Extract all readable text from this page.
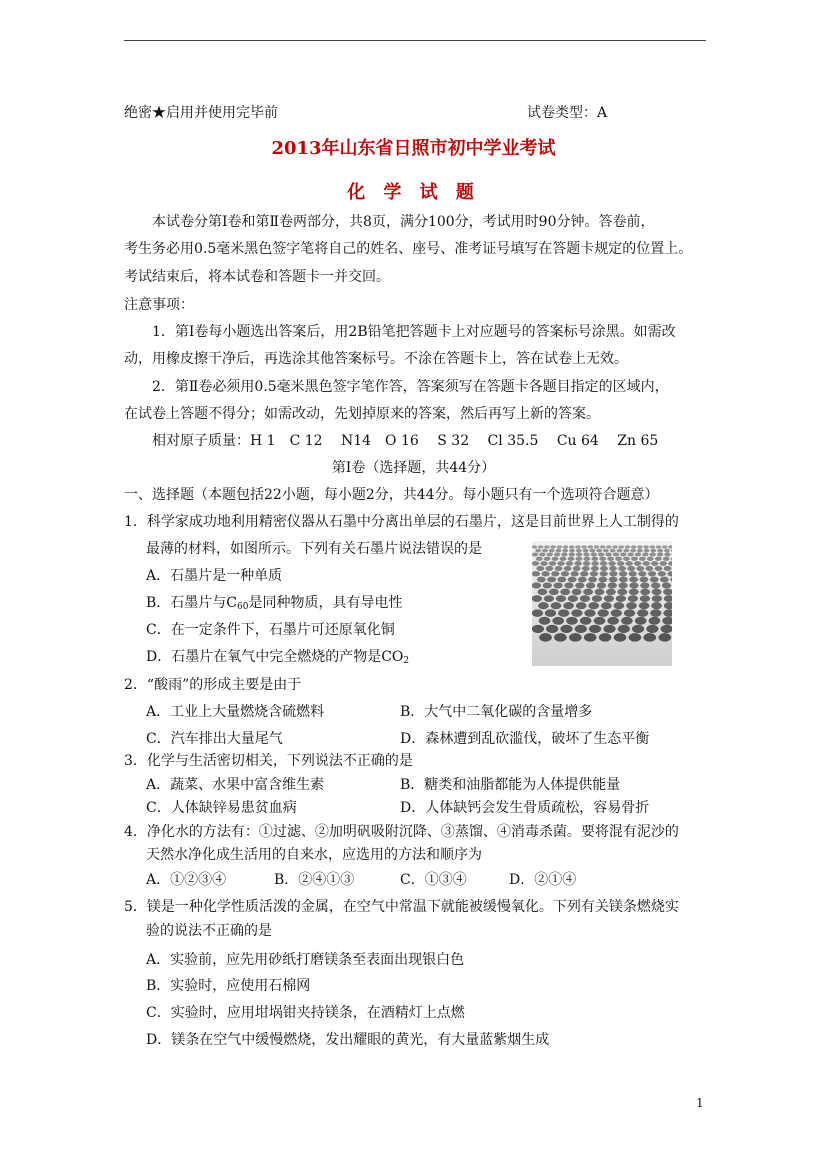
绝密★启用并使用完毕前	试卷类型：A
2013年山东省日照市初中学业考试
化 学 试 题
本试卷分第Ⅰ卷和第Ⅱ卷两部分，共8页，满分100分，考试用时90分钟。答卷前，
考生务必用0.5毫米黑色签字笔将自己的姓名、座号、准考证号填写在答题卡规定的位置上。
考试结束后，将本试卷和答题卡一并交回。
注意事项：
1．第Ⅰ卷每小题选出答案后，用2B铅笔把答题卡上对应题号的答案标号涂黑。如需改
动，用橡皮擦干净后，再选涂其他答案标号。不涂在答题卡上，答在试卷上无效。
2．第Ⅱ卷必须用0.5毫米黑色签字笔作答，答案须写在答题卡各题目指定的区域内，
在试卷上答题不得分；如需改动，先划掉原来的答案，然后再写上新的答案。
相对原子质量：H 1　C 12　 N14　O 16　 S 32　 Cl 35.5　 Cu 64　 Zn 65
第Ⅰ卷（选择题，共44分）
一、选择题（本题包括22小题，每小题2分，共44分。每小题只有一个选项符合题意）
1．科学家成功地利用精密仪器从石墨中分离出单层的石墨片，这是目前世界上人工制得的
最薄的材料，如图所示。下列有关石墨片说法错误的是
A．石墨片是一种单质
B．石墨片与$C_{60}$是同种物质，具有导电性
C．在一定条件下，石墨片可还原氧化铜
D．石墨片在氧气中完全燃烧的产物是$CO_2$
2．“酸雨”的形成主要是由于
A．工业上大量燃烧含硫燃料	B．大气中二氧化碳的含量增多
C．汽车排出大量尾气	D．森林遭到乱砍滥伐，破坏了生态平衡
3．化学与生活密切相关，下列说法不正确的是
A．蔬菜、水果中富含维生素	B．糖类和油脂都能为人体提供能量
C．人体缺锌易患贫血病	D．人体缺钙会发生骨质疏松，容易骨折
4．净化水的方法有：①过滤、②加明矾吸附沉降、③蒸馏、④消毒杀菌。要将混有泥沙的
天然水净化成生活用的自来水，应选用的方法和顺序为
A．①②③④	B．②④①③	C．①③④	D．②①④
5．镁是一种化学性质活泼的金属，在空气中常温下就能被缓慢氧化。下列有关镁条燃烧实
验的说法不正确的是
A．实验前，应先用砂纸打磨镁条至表面出现银白色
B．实验时，应使用石棉网
C．实验时，应用坩埚钳夹持镁条，在酒精灯上点燃
D．镁条在空气中缓慢燃烧，发出耀眼的黄光，有大量蓝紫烟生成
1
